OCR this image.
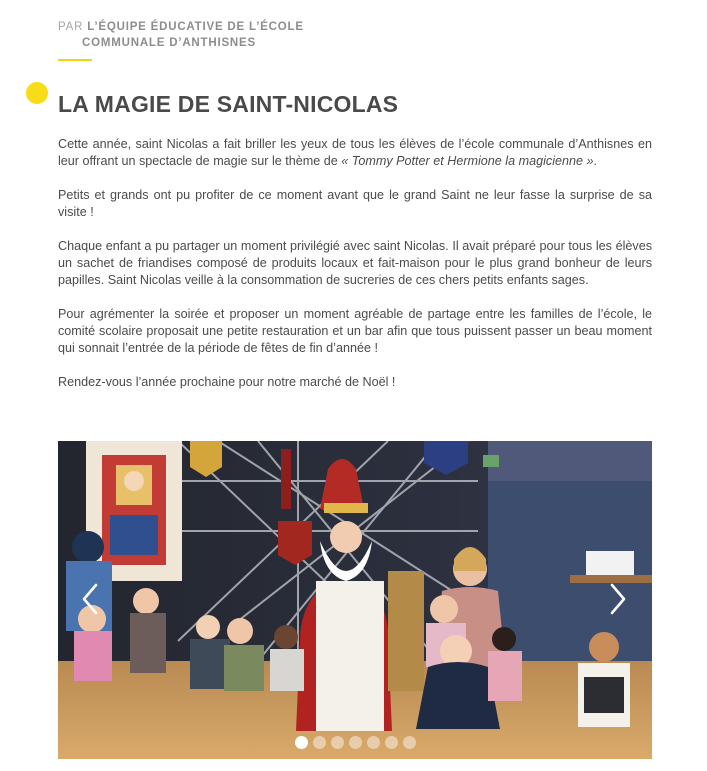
PAR L’ÉQUIPE ÉDUCATIVE DE L’ÉCOLE
COMMUNALE D’ANTHISNES
LA MAGIE DE SAINT-NICOLAS

Cette année, saint Nicolas a fait briller les yeux de tous les élèves de l’école communale d’Anthisnes en leur offrant un spectacle de magie sur le thème de « Tommy Potter et Hermione la magicienne ».

Petits et grands ont pu profiter de ce moment avant que le grand Saint ne leur fasse la surprise de sa visite !

Chaque enfant a pu partager un moment privilégié avec saint Nicolas. Il avait préparé pour tous les élèves un sachet de friandises composé de produits locaux et fait-maison pour le plus grand bonheur de leurs papilles. Saint Nicolas veille à la consommation de sucreries de ces chers petits enfants sages.

Pour agrémenter la soirée et proposer un moment agréable de partage entre les familles de l’école, le comité scolaire proposait une petite restauration et un bar afin que tous puissent passer un beau moment qui sonnait l’entrée de la période de fêtes de fin d’année !

Rendez-vous l’année prochaine pour notre marché de Noël !
